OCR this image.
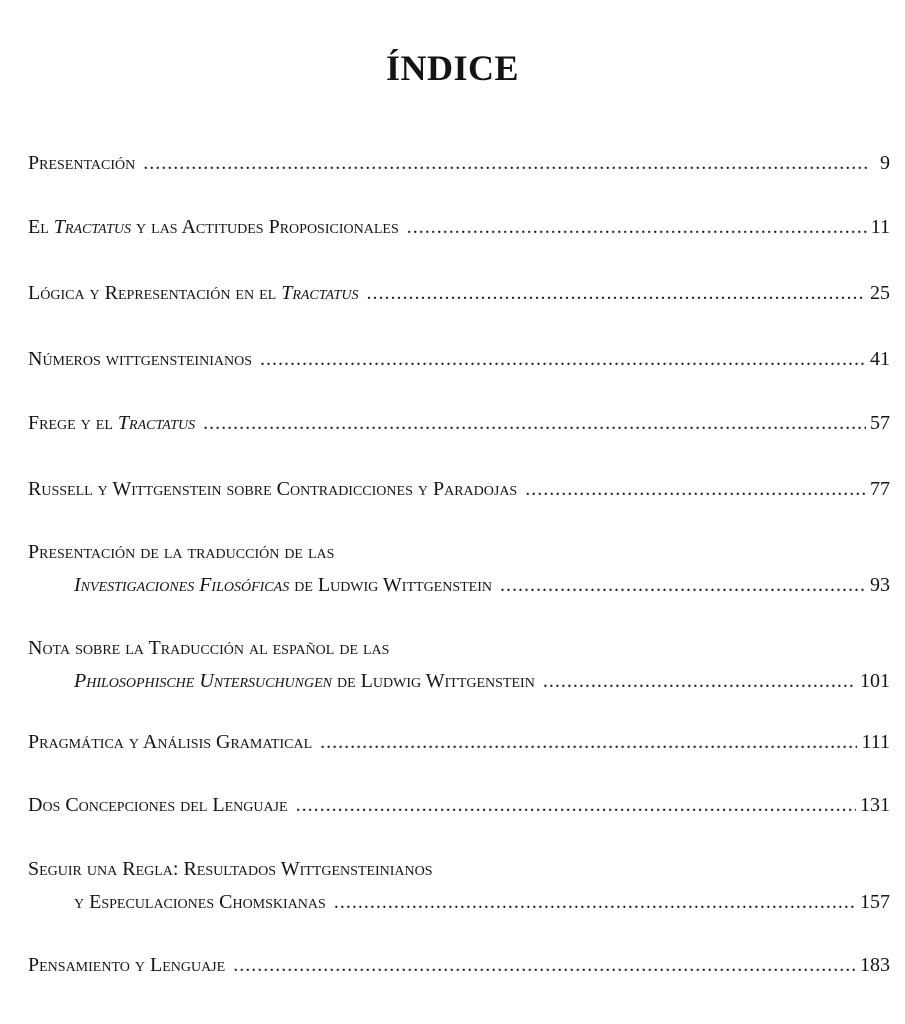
ÍNDICE
Presentación .....	9
El Tractatus y las Actitudes Proposicionales .....	11
Lógica y Representación en el Tractatus .....	25
Números wittgensteinianos .....	41
Frege y el Tractatus .....	57
Russell y Wittgenstein sobre Contradicciones y Paradojas .....	77
Presentación de la traducción de las
Investigaciones Filosóficas de Ludwig Wittgenstein .....	93
Nota sobre la Traducción al español de las
Philosophische Untersuchungen de Ludwig Wittgenstein .....	101
Pragmática y Análisis Gramatical .....	111
Dos Concepciones del Lenguaje .....	131
Seguir una Regla: Resultados Wittgensteinianos
y Especulaciones Chomskianas .....	157
Pensamiento y Lenguaje .....	183
